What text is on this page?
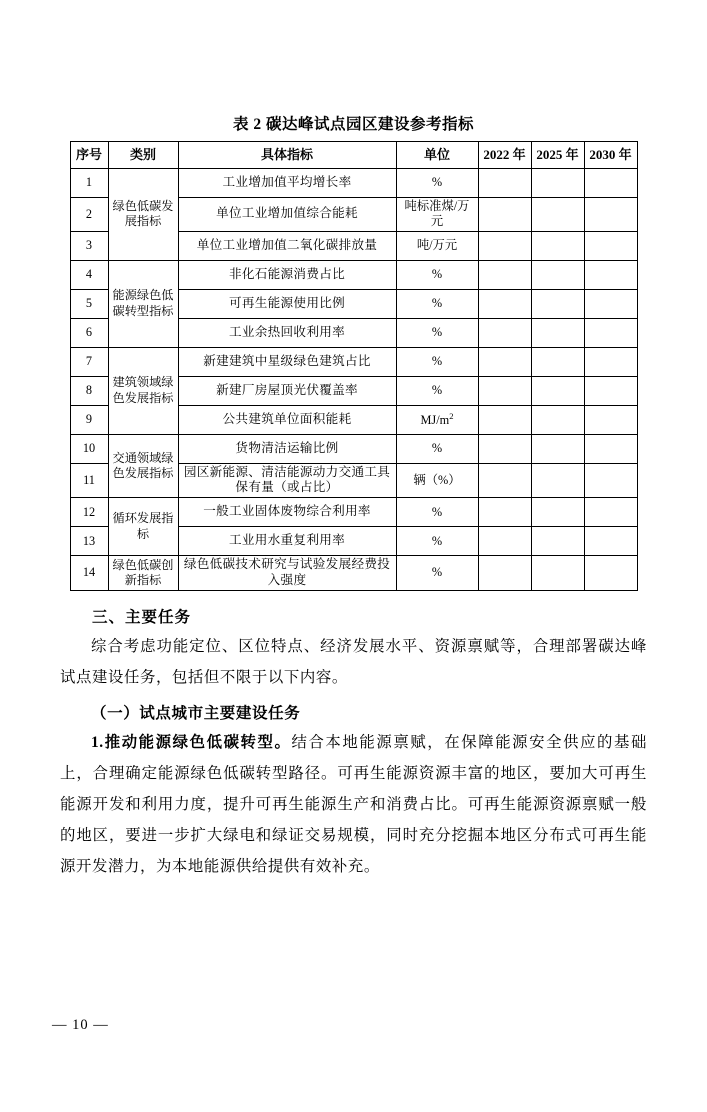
表 2 碳达峰试点园区建设参考指标
序号	类别	具体指标	单位	2022 年	2025 年	2030 年
1	绿色低碳发展指标	工业增加值平均增长率	%			
2		单位工业增加值综合能耗	吨标准煤/万元			
3		单位工业增加值二氧化碳排放量	吨/万元			
4	能源绿色低碳转型指标	非化石能源消费占比	%			
5		可再生能源使用比例	%			
6		工业余热回收利用率	%			
7	建筑领域绿色发展指标	新建建筑中星级绿色建筑占比	%			
8		新建厂房屋顶光伏覆盖率	%			
9		公共建筑单位面积能耗	$MJ/m^2$			
10	交通领域绿色发展指标	货物清洁运输比例	%			
11		园区新能源、清洁能源动力交通工具保有量（或占比）	辆（%）			
12	循环发展指标	一般工业固体废物综合利用率	%			
13		工业用水重复利用率	%			
14	绿色低碳创新指标	绿色低碳技术研究与试验发展经费投入强度	%			
三、主要任务

综合考虑功能定位、区位特点、经济发展水平、资源禀赋等，合理部署碳达峰试点建设任务，包括但不限于以下内容。

（一）试点城市主要建设任务

1.推动能源绿色低碳转型。结合本地能源禀赋，在保障能源安全供应的基础上，合理确定能源绿色低碳转型路径。可再生能源资源丰富的地区，要加大可再生能源开发和利用力度，提升可再生能源生产和消费占比。可再生能源资源禀赋一般的地区，要进一步扩大绿电和绿证交易规模，同时充分挖掘本地区分布式可再生能源开发潜力，为本地能源供给提供有效补充。

— 10 —
